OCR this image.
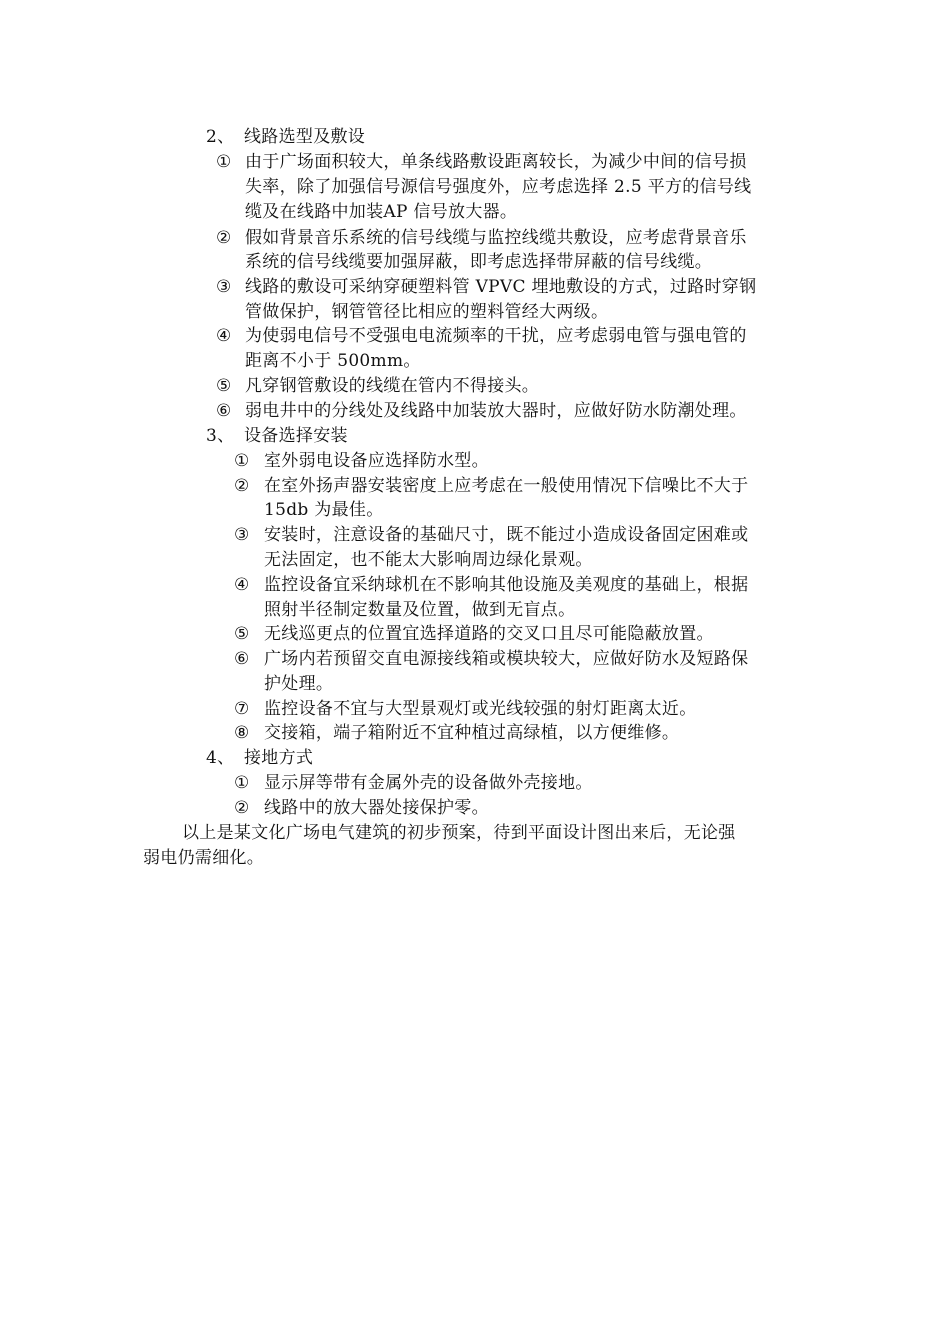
2、 线路选型及敷设
① 由于广场面积较大，单条线路敷设距离较长，为减少中间的信号损
失率，除了加强信号源信号强度外，应考虑选择 2.5 平方的信号线
缆及在线路中加装AP 信号放大器。
② 假如背景音乐系统的信号线缆与监控线缆共敷设，应考虑背景音乐
系统的信号线缆要加强屏蔽，即考虑选择带屏蔽的信号线缆。
③ 线路的敷设可采纳穿硬塑料管 VPVC 埋地敷设的方式，过路时穿钢
管做保护，钢管管径比相应的塑料管经大两级。
④ 为使弱电信号不受强电电流频率的干扰，应考虑弱电管与强电管的
距离不小于 500mm。
⑤ 凡穿钢管敷设的线缆在管内不得接头。
⑥ 弱电井中的分线处及线路中加装放大器时，应做好防水防潮处理。
3、 设备选择安装
① 室外弱电设备应选择防水型。
② 在室外扬声器安装密度上应考虑在一般使用情况下信噪比不大于
15db 为最佳。
③ 安装时，注意设备的基础尺寸，既不能过小造成设备固定困难或
无法固定，也不能太大影响周边绿化景观。
④ 监控设备宜采纳球机在不影响其他设施及美观度的基础上，根据
照射半径制定数量及位置，做到无盲点。
⑤ 无线巡更点的位置宜选择道路的交叉口且尽可能隐蔽放置。
⑥ 广场内若预留交直电源接线箱或模块较大，应做好防水及短路保
护处理。
⑦ 监控设备不宜与大型景观灯或光线较强的射灯距离太近。
⑧ 交接箱，端子箱附近不宜种植过高绿植，以方便维修。
4、 接地方式
① 显示屏等带有金属外壳的设备做外壳接地。
② 线路中的放大器处接保护零。
以上是某文化广场电气建筑的初步预案，待到平面设计图出来后，无论强
弱电仍需细化。
